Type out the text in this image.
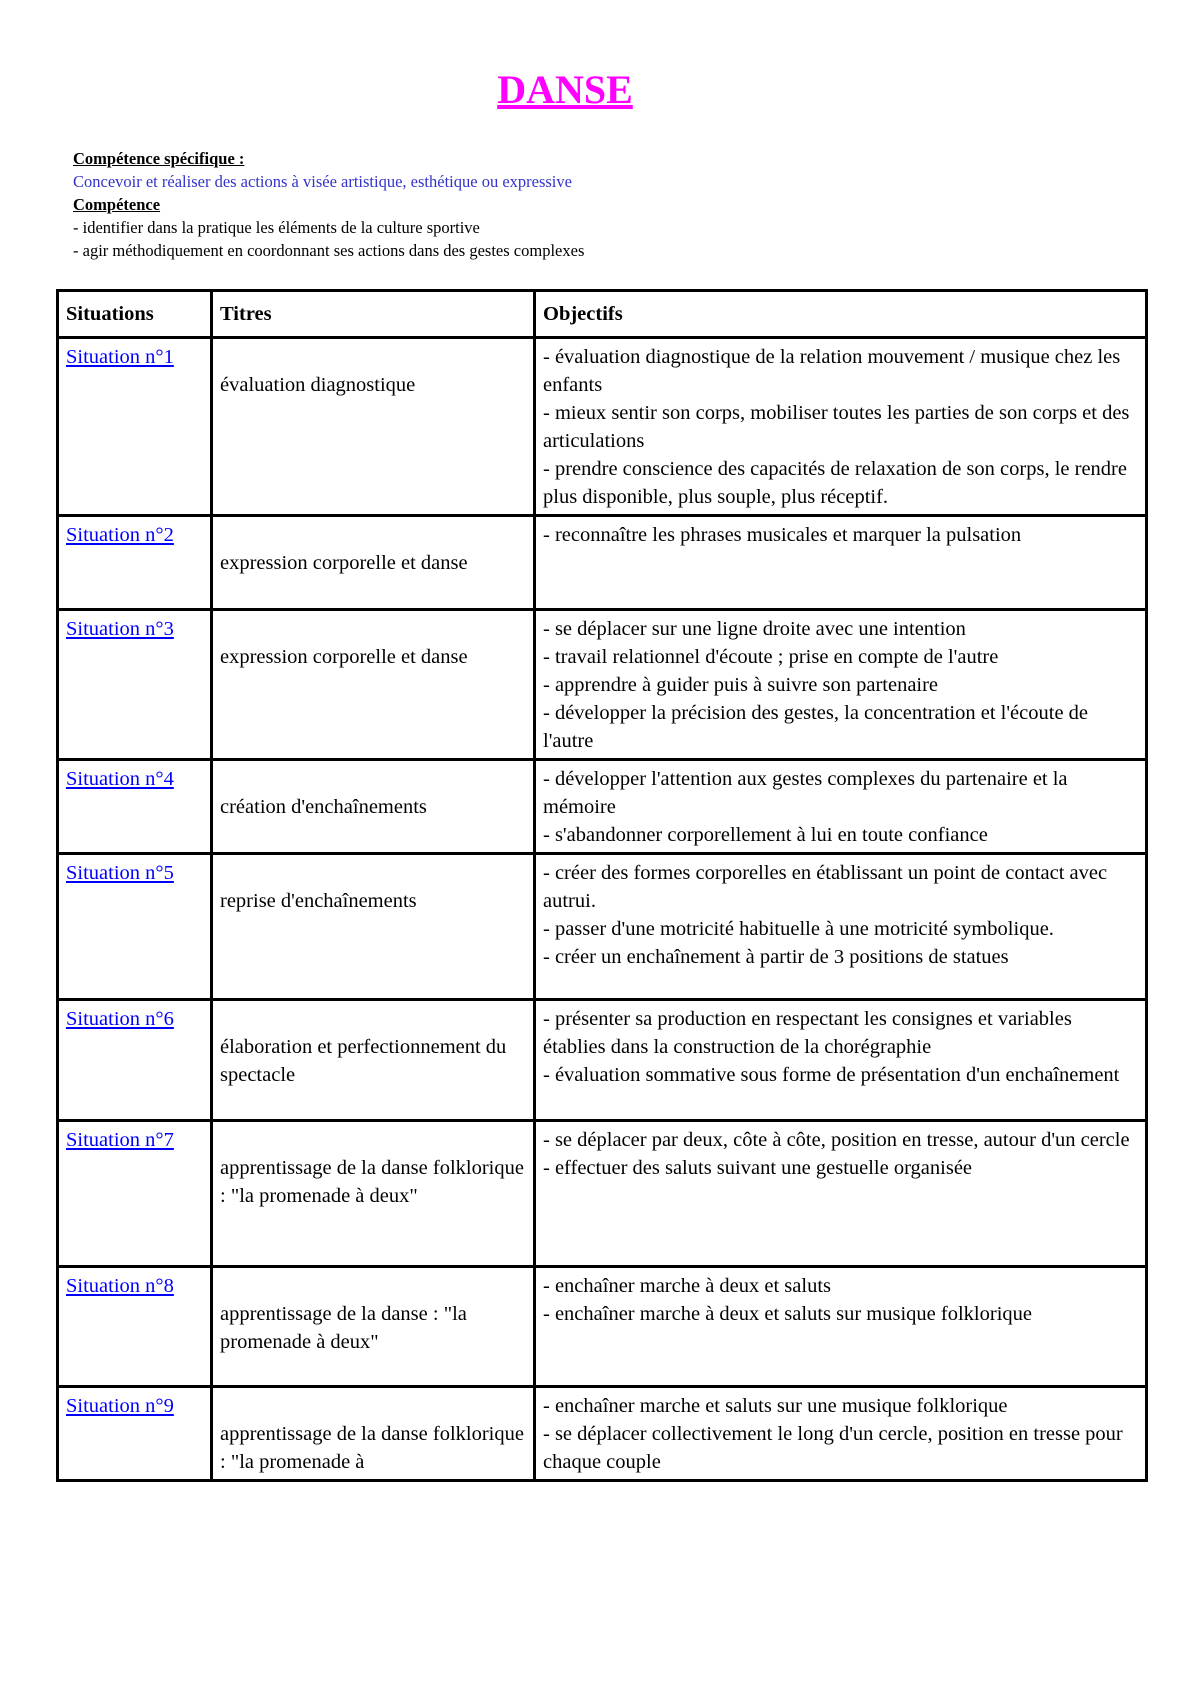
DANSE
Compétence spécifique :
Concevoir et réaliser des actions à visée artistique, esthétique ou expressive
Compétence
- identifier dans la pratique les éléments de la culture sportive
- agir méthodiquement en coordonnant ses actions dans des gestes complexes
Situations	Titres	Objectifs
Situation n°1	évaluation diagnostique	- évaluation diagnostique de la relation mouvement / musique chez les enfants
- mieux sentir son corps, mobiliser toutes les parties de son corps et des articulations
- prendre conscience des capacités de relaxation de son corps, le rendre plus disponible, plus souple, plus réceptif.

Situation n°2	expression corporelle et danse	- reconnaître les phrases musicales et marquer la pulsation

Situation n°3	expression corporelle et danse	- se déplacer sur une ligne droite avec une intention
- travail relationnel d'écoute ; prise en compte de l'autre
- apprendre à guider puis à suivre son partenaire
- développer la précision des gestes, la concentration et l'écoute de l'autre

Situation n°4	création d'enchaînements	- développer l'attention aux gestes complexes du partenaire et la mémoire
- s'abandonner corporellement à lui en toute confiance

Situation n°5	reprise d'enchaînements	- créer des formes corporelles en établissant un point de contact avec autrui.
- passer d'une motricité habituelle à une motricité symbolique.
- créer un enchaînement à partir de 3 positions de statues

Situation n°6	élaboration et perfectionnement du spectacle	- présenter sa production en respectant les consignes et variables établies dans la construction de la chorégraphie
- évaluation sommative sous forme de présentation d'un enchaînement

Situation n°7	apprentissage de la danse folklorique : "la promenade à deux"	- se déplacer par deux, côte à côte, position en tresse, autour d'un cercle
- effectuer des saluts suivant une gestuelle organisée

Situation n°8	apprentissage de la danse : "la promenade à deux"	- enchaîner marche à deux et saluts
- enchaîner marche à deux et saluts sur musique folklorique

Situation n°9	apprentissage de la danse folklorique : "la promenade à	- enchaîner marche et saluts sur une musique folklorique
- se déplacer collectivement le long d'un cercle, position en tresse pour chaque couple
